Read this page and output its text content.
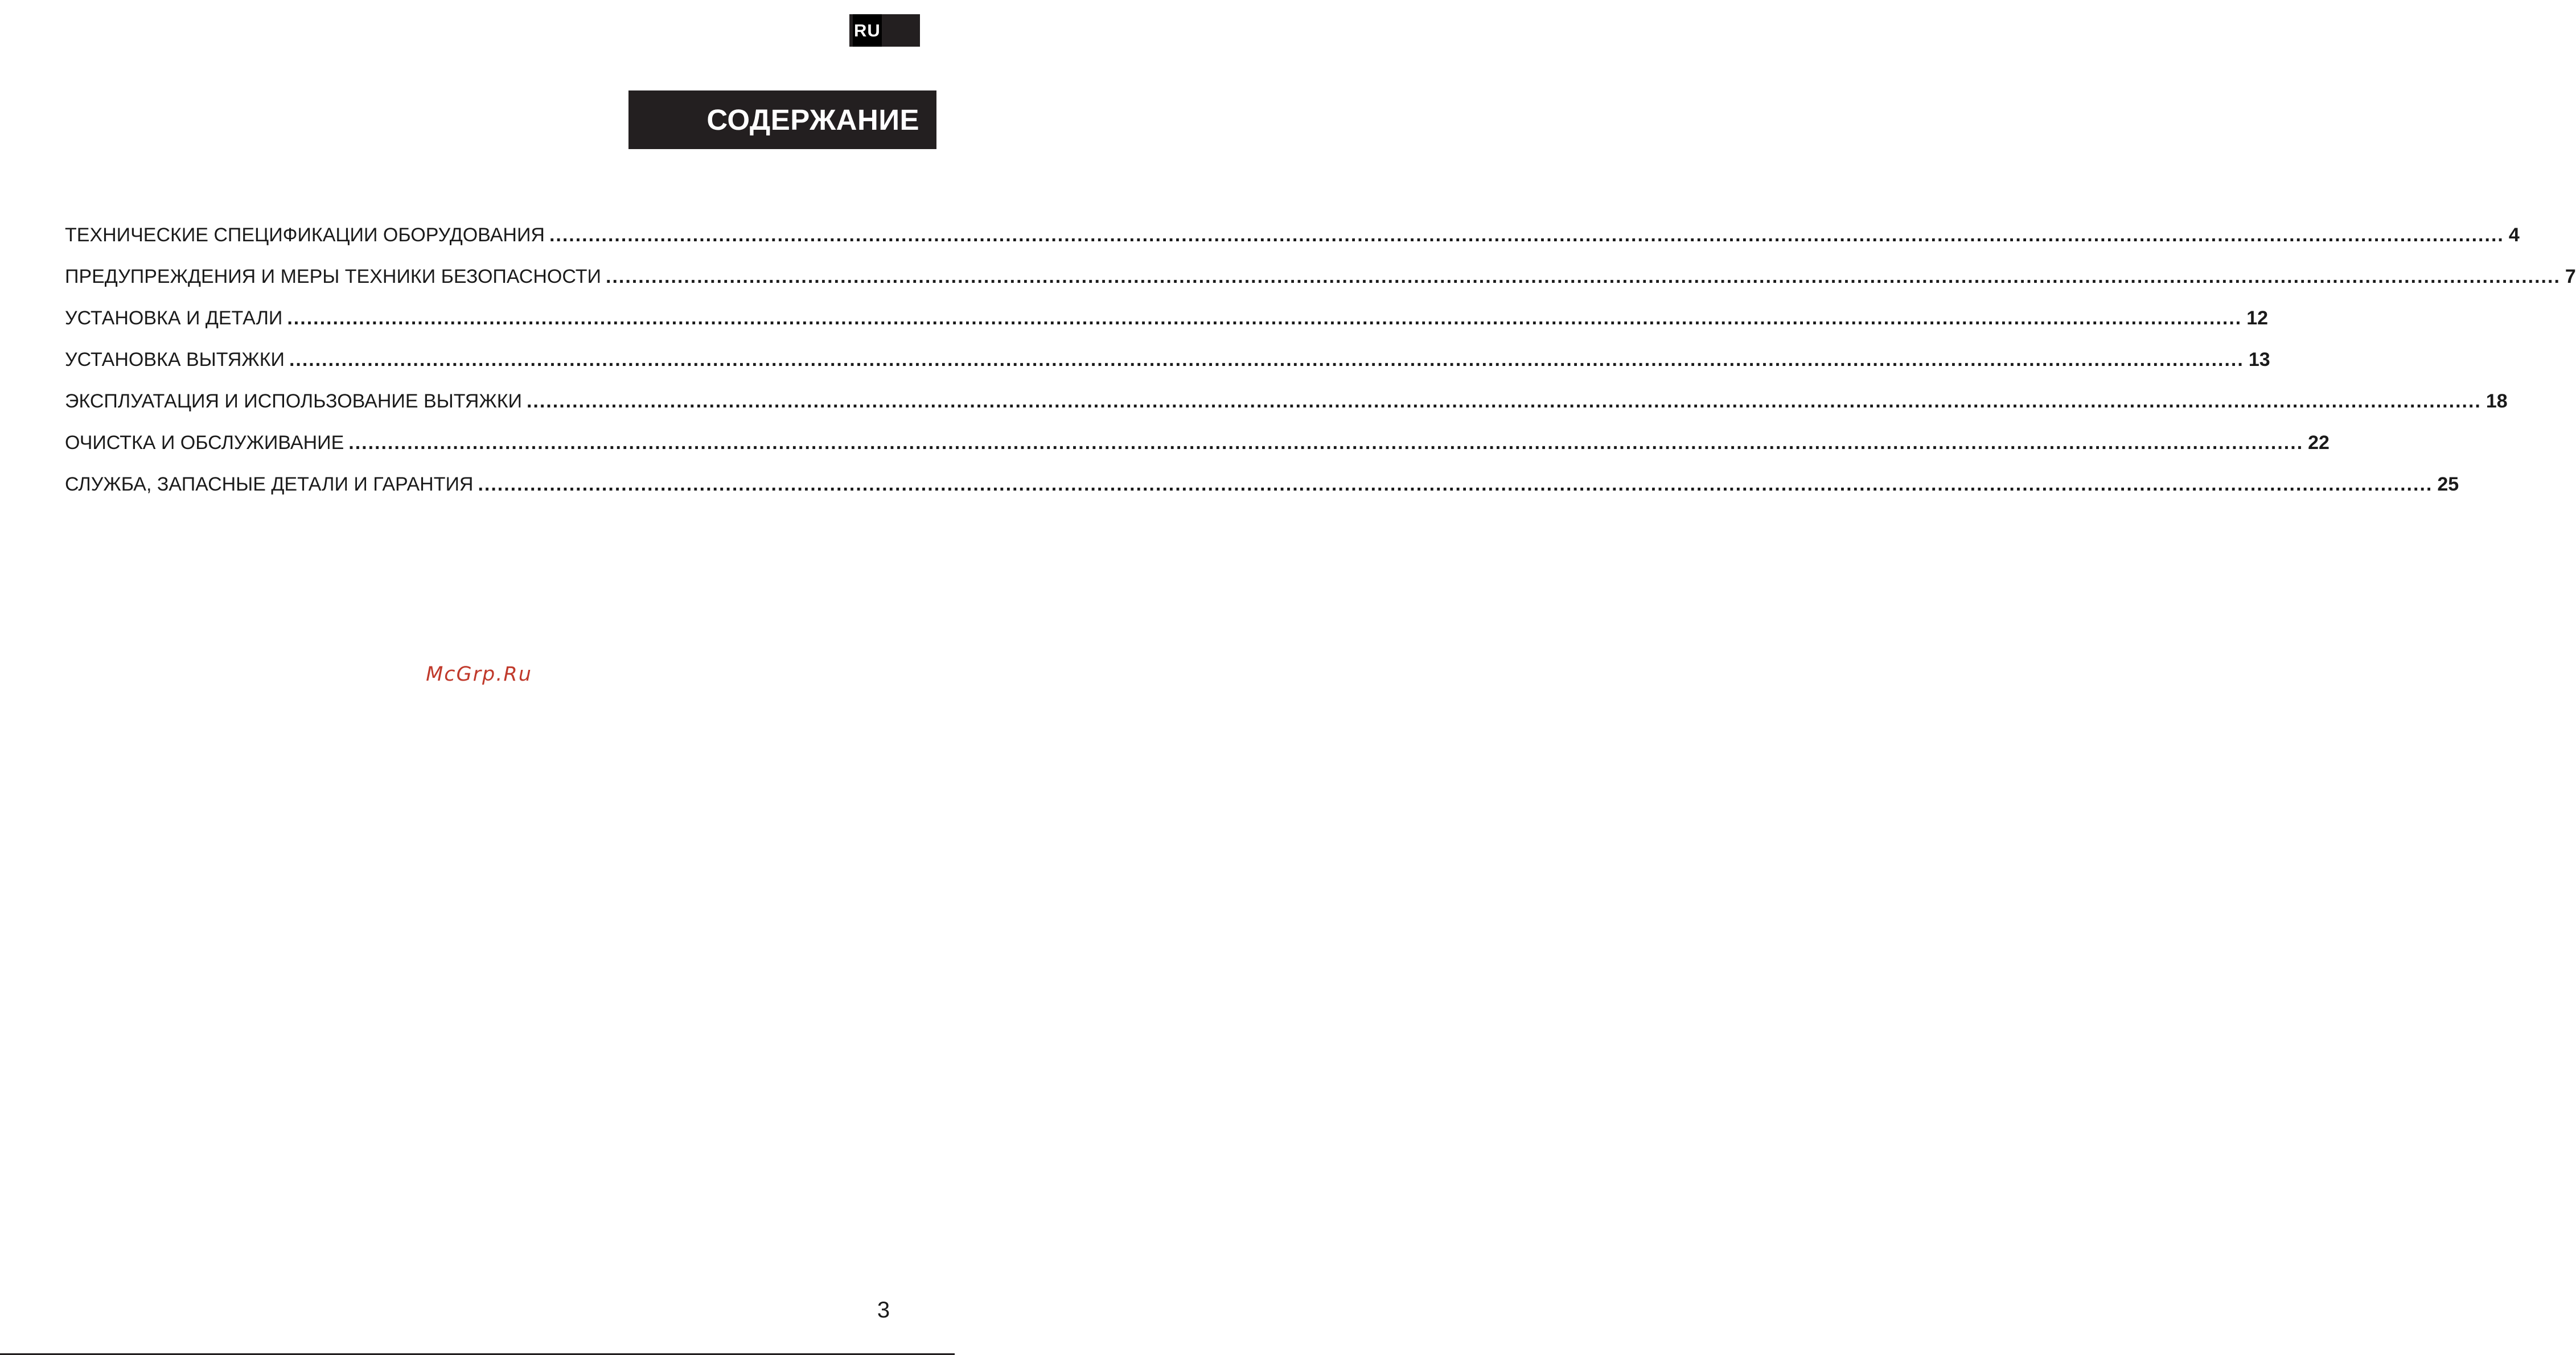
RU
СОДЕРЖАНИЕ
ТЕХНИЧЕСКИЕ СПЕЦИФИКАЦИИ ОБОРУДОВАНИЯ ............................................................................................................................................................................................................................................................................................................ 4
ПРЕДУПРЕЖДЕНИЯ И МЕРЫ ТЕХНИКИ БЕЗОПАСНОСТИ ............................................................................................................................................................................................................................................................................................................ 7
УСТАНОВКА И ДЕТАЛИ ............................................................................................................................................................................................................................................................................................................ 12
УСТАНОВКА ВЫТЯЖКИ ............................................................................................................................................................................................................................................................................................................ 13
ЭКСПЛУАТАЦИЯ И ИСПОЛЬЗОВАНИЕ ВЫТЯЖКИ ............................................................................................................................................................................................................................................................................................................ 18
ОЧИСТКА И ОБСЛУЖИВАНИЕ ............................................................................................................................................................................................................................................................................................................ 22
СЛУЖБА, ЗАПАСНЫЕ ДЕТАЛИ И ГАРАНТИЯ ............................................................................................................................................................................................................................................................................................................ 25
McGrp.Ru
3
